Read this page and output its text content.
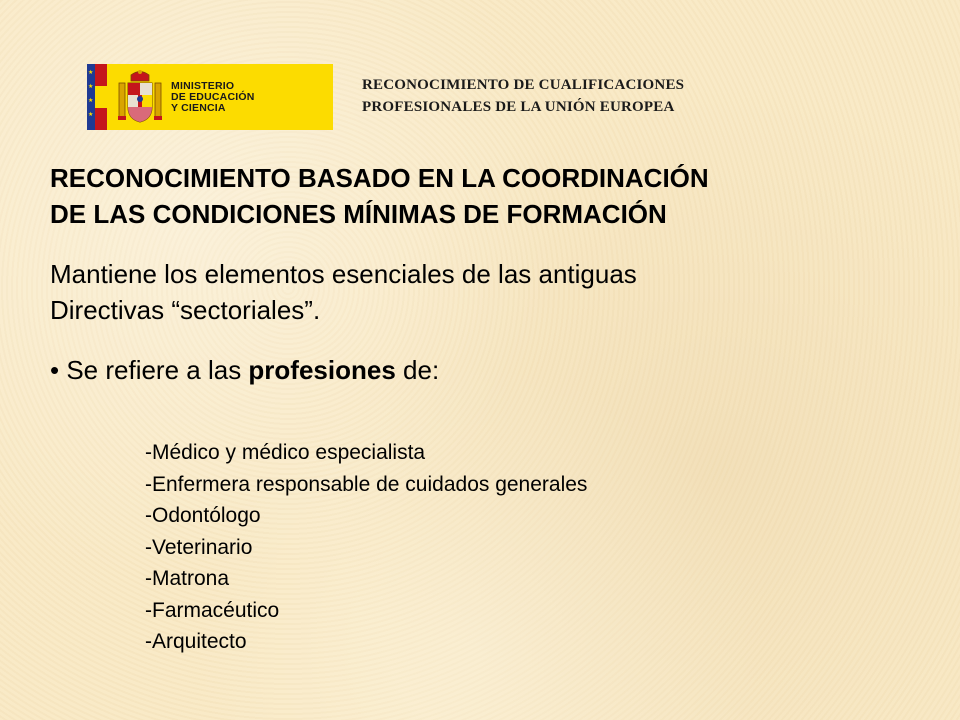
★
★
★
★
MINISTERIO
DE EDUCACIÓN
Y CIENCIA
RECONOCIMIENTO DE CUALIFICACIONES
PROFESIONALES DE LA UNIÓN EUROPEA
RECONOCIMIENTO BASADO EN LA COORDINACIÓN
DE LAS CONDICIONES MÍNIMAS DE FORMACIÓN
Mantiene los elementos esenciales de las antiguas
Directivas “sectoriales”.
• Se refiere a las profesiones de:
-Médico y médico especialista
-Enfermera responsable de cuidados generales
-Odontólogo
-Veterinario
-Matrona
-Farmacéutico
-Arquitecto
